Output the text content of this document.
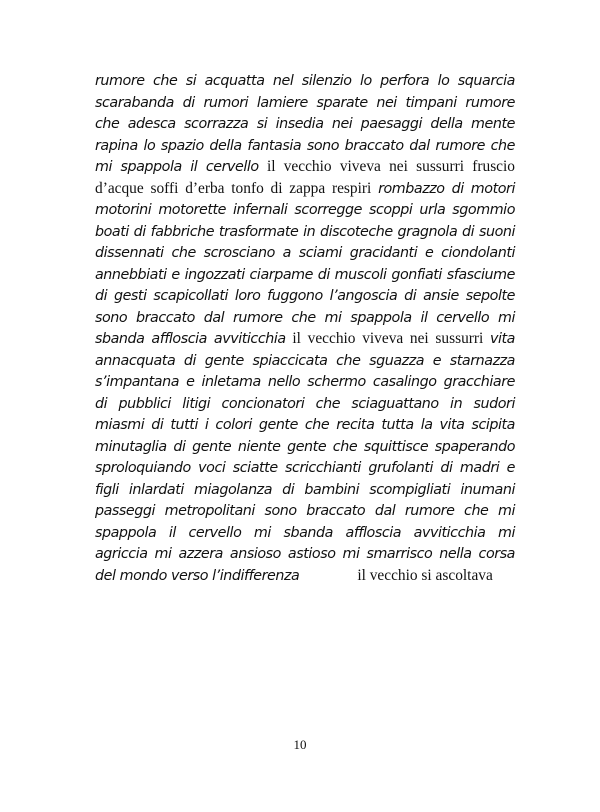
rumore che si acquatta nel silenzio lo perfora lo squarcia
scarabanda di rumori lamiere sparate nei timpani rumore
che adesca scorrazza si insedia nei paesaggi della mente
rapina lo spazio della fantasia sono braccato dal rumore che
mi spappola il cervello il vecchio viveva nei sussurri fruscio
d’acque soffi d’erba tonfo di zappa respiri rombazzo di motori
motorini motorette infernali scorregge scoppi urla sgommio
boati di fabbriche trasformate in discoteche gragnola di suoni
dissennati che scrosciano a sciami gracidanti e ciondolanti
annebbiati e ingozzati ciarpame di muscoli gonfiati sfasciume
di gesti scapicollati loro fuggono l’angoscia di ansie sepolte
sono braccato dal rumore che mi spappola il cervello mi
sbanda affloscia avviticchia il vecchio viveva nei sussurri vita
annacquata di gente spiaccicata che sguazza e starnazza
s’impantana e inletama nello schermo casalingo gracchiare
di pubblici litigi concionatori che sciaguattano in sudori
miasmi di tutti i colori gente che recita tutta la vita scipita
minutaglia di gente niente gente che squittisce spaperando
sproloquiando voci sciatte scricchianti grufolanti di madri e
figli inlardati miagolanza di bambini scompigliati inumani
passeggi metropolitani sono braccato dal rumore che mi
spappola il cervello mi sbanda affloscia avviticchia mi
agriccia mi azzera ansioso astioso mi smarrisco nella corsa
del mondo verso l’indifferenza	il vecchio si ascoltava
10
